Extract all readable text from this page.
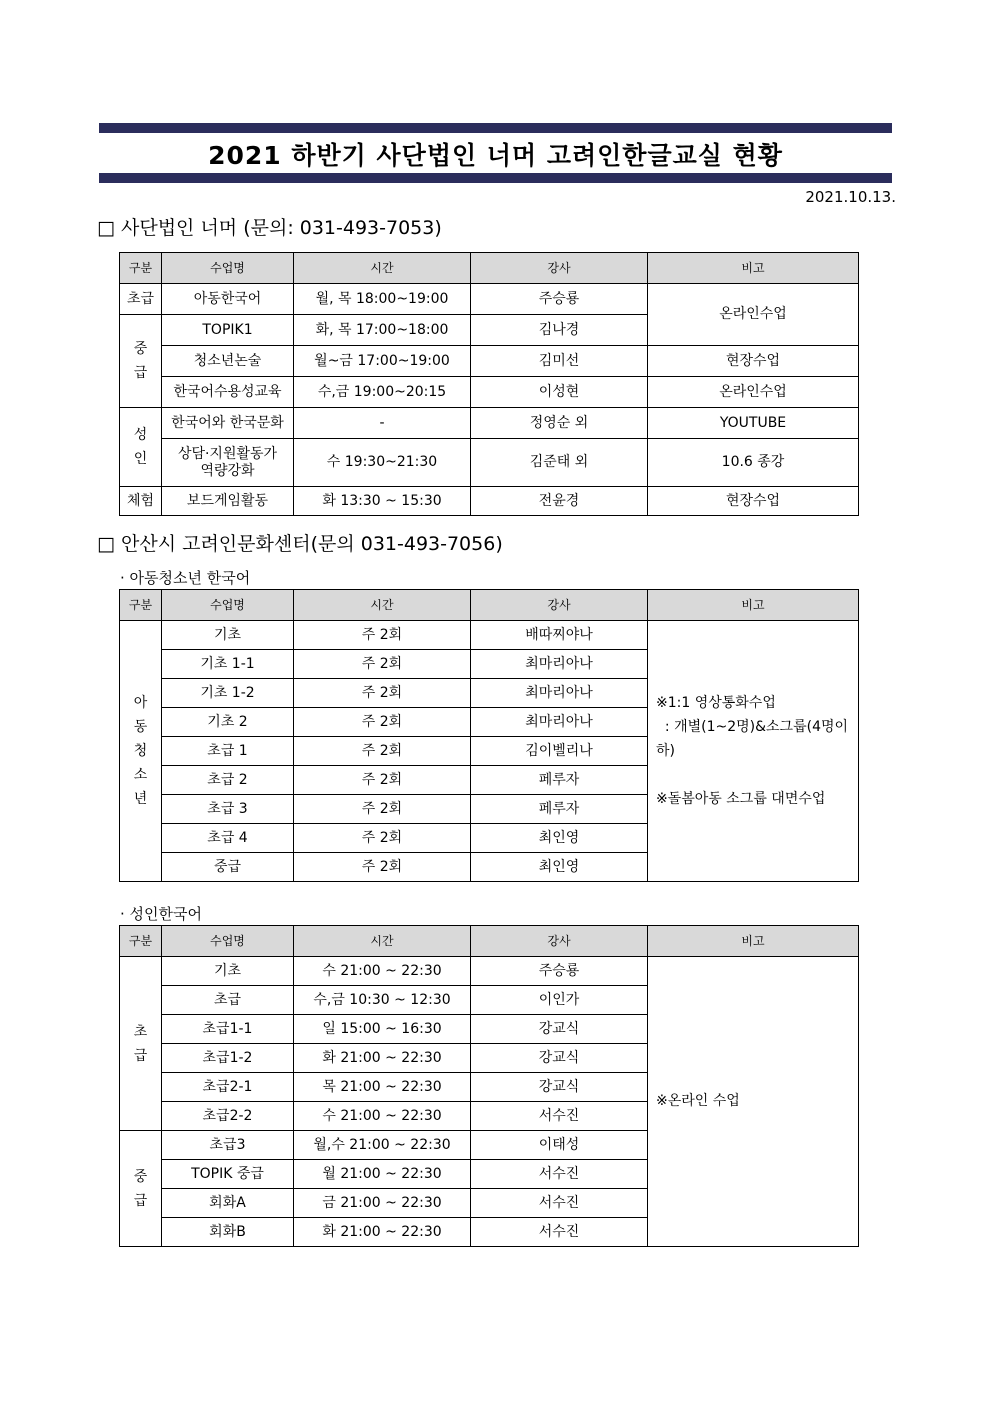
2021 하반기 사단법인 너머 고려인한글교실 현황
2021.10.13.
□ 사단법인 너머 (문의: 031-493-7053)
구분	수업명	시간	강사	비고
초급	아동한국어	월, 목 18:00~19:00	주승룡	온라인수업
중급	TOPIK1	화, 목 17:00~18:00	김나경	
	청소년논술	월~금 17:00~19:00	김미선	현장수업
	한국어수용성교육	수,금 19:00~20:15	이성현	온라인수업
성인	한국어와 한국문화	-	정영순 외	YOUTUBE
	상담·지원활동가 역량강화	수 19:30~21:30	김준태 외	10.6 종강
체험	보드게임활동	화 13:30 ~ 15:30	전윤경	현장수업
□ 안산시 고려인문화센터(문의 031-493-7056)
· 아동청소년 한국어
구분	수업명	시간	강사	비고
아동청소년	기초	주 2회	배따찌야나	※1:1 영상통화수업
: 개별(1~2명)&소그룹(4명이하)
※돌봄아동 소그룹 대면수업

	기초 1-1	주 2회	최마리아나	
	기초 1-2	주 2회	최마리아나	
	기초 2	주 2회	최마리아나	
	초급 1	주 2회	김이벨리나	
	초급 2	주 2회	페루자	
	초급 3	주 2회	페루자	
	초급 4	주 2회	최인영	
	중급	주 2회	최인영	
· 성인한국어
구분	수업명	시간	강사	비고
초급	기초	수 21:00 ~ 22:30	주승룡	※온라인 수업
	초급	수,금 10:30 ~ 12:30	이인가	
	초급1-1	일 15:00 ~ 16:30	강교식	
	초급1-2	화 21:00 ~ 22:30	강교식	
	초급2-1	목 21:00 ~ 22:30	강교식	
	초급2-2	수 21:00 ~ 22:30	서수진	
중급	초급3	월,수 21:00 ~ 22:30	이태성	
	TOPIK 중급	월 21:00 ~ 22:30	서수진	
	회화A	금 21:00 ~ 22:30	서수진	
	회화B	화 21:00 ~ 22:30	서수진	
